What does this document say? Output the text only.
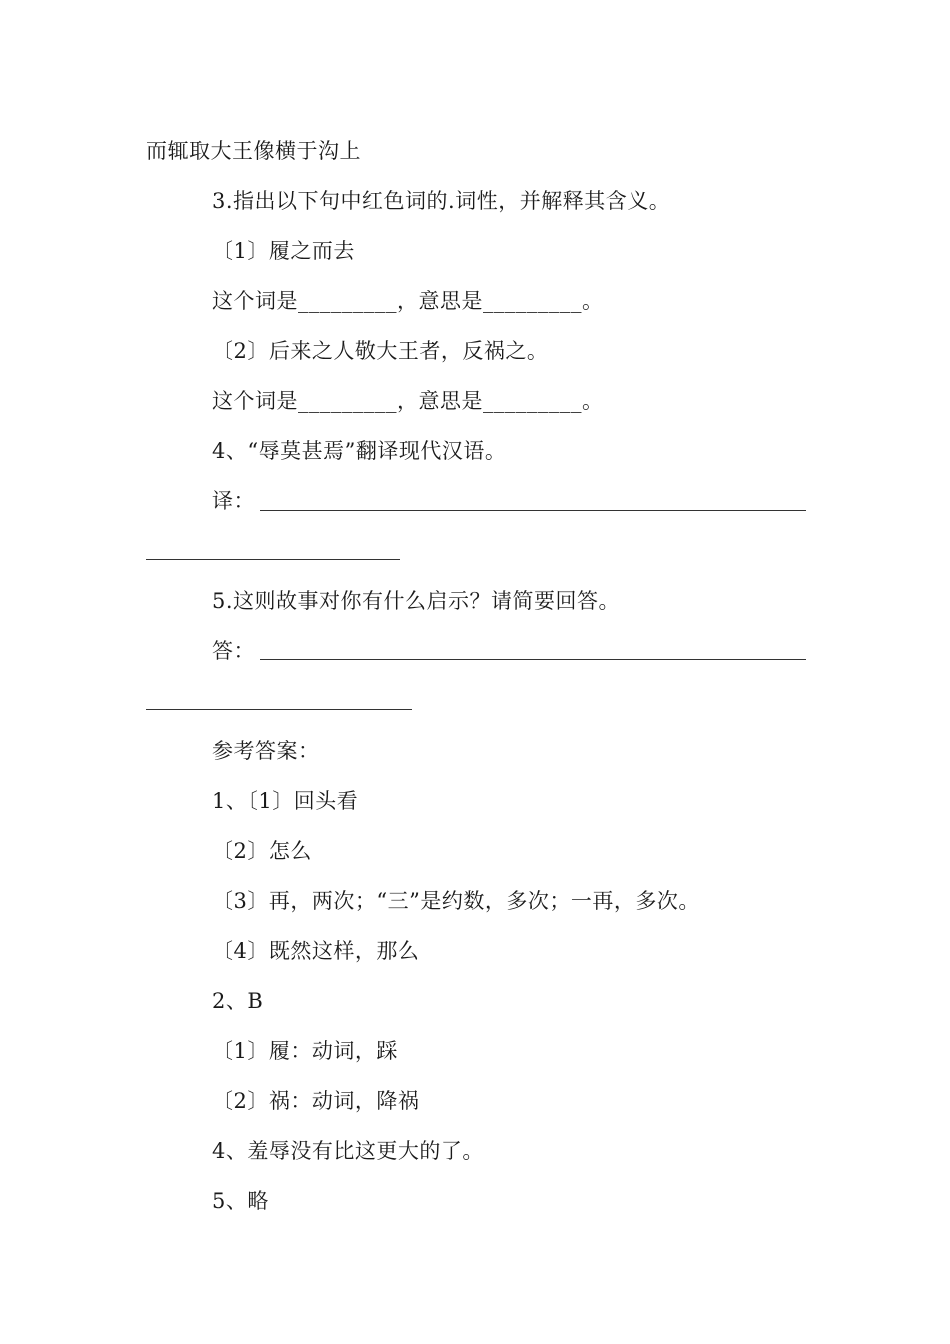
而辄取大王像横于沟上
3.指出以下句中红色词的.词性，并解释其含义。
〔1〕履之而去
这个词是_________，意思是_________。
〔2〕后来之人敬大王者，反祸之。
这个词是_________，意思是_________。
4、“辱莫甚焉”翻译现代汉语。
译：
5.这则故事对你有什么启示？请简要回答。
答：
参考答案：
1、〔1〕回头看
〔2〕怎么
〔3〕再，两次；“三”是约数，多次；一再，多次。
〔4〕既然这样，那么
2、B
〔1〕履：动词，踩
〔2〕祸：动词，降祸
4、羞辱没有比这更大的了。
5、略
